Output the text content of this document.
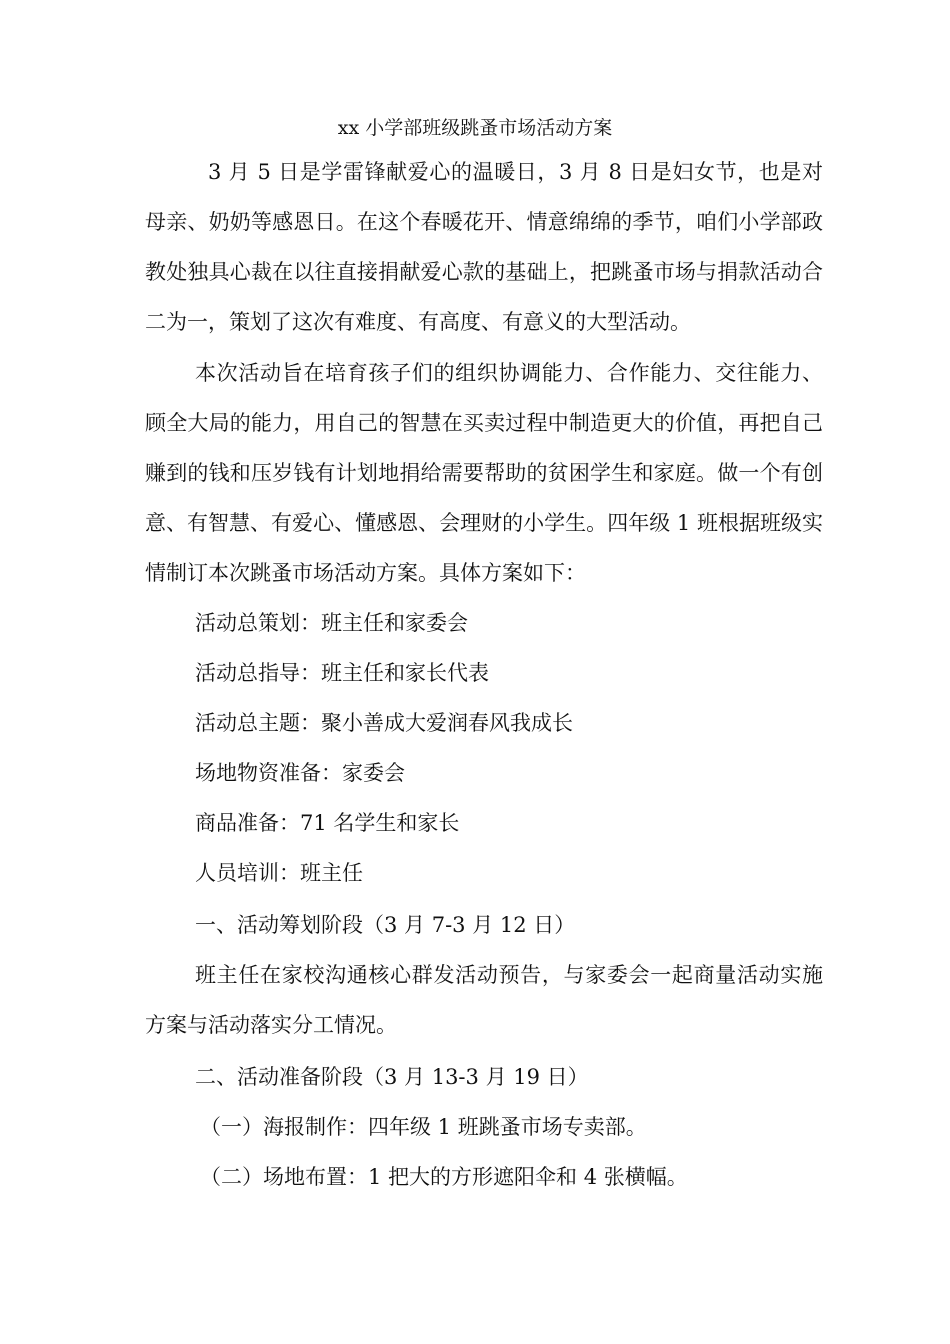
xx 小学部班级跳蚤市场活动方案

3 月 5 日是学雷锋献爱心的温暖日，3 月 8 日是妇女节，也是对母亲、奶奶等感恩日。在这个春暖花开、情意绵绵的季节，咱们小学部政教处独具心裁在以往直接捐献爱心款的基础上，把跳蚤市场与捐款活动合二为一，策划了这次有难度、有高度、有意义的大型活动。

本次活动旨在培育孩子们的组织协调能力、合作能力、交往能力、顾全大局的能力，用自己的智慧在买卖过程中制造更大的价值，再把自己赚到的钱和压岁钱有计划地捐给需要帮助的贫困学生和家庭。做一个有创意、有智慧、有爱心、懂感恩、会理财的小学生。四年级 1 班根据班级实情制订本次跳蚤市场活动方案。具体方案如下：

活动总策划：班主任和家委会

活动总指导：班主任和家长代表

活动总主题：聚小善成大爱润春风我成长

场地物资准备：家委会

商品准备：71 名学生和家长

人员培训：班主任

一、活动筹划阶段（3 月 7-3 月 12 日）

班主任在家校沟通核心群发活动预告，与家委会一起商量活动实施方案与活动落实分工情况。

二、活动准备阶段（3 月 13-3 月 19 日）

（一）海报制作：四年级 1 班跳蚤市场专卖部。

（二）场地布置：1 把大的方形遮阳伞和 4 张横幅。
